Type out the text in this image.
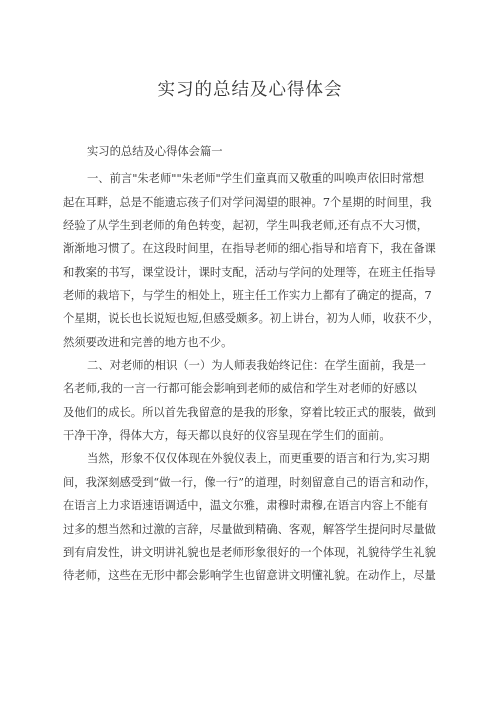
实习的总结及心得体会
实习的总结及心得体会篇一
一、前言"朱老师""朱老师"学生们童真而又敬重的叫唤声依旧时常想
起在耳畔，总是不能遗忘孩子们对学问渴望的眼神。7个星期的时间里，我
经验了从学生到老师的角色转变，起初，学生叫我老师,还有点不大习惯，
渐渐地习惯了。在这段时间里，在指导老师的细心指导和培育下，我在备课
和教案的书写，课堂设计，课时支配，活动与学问的处理等，在班主任指导
老师的栽培下，与学生的相处上，班主任工作实力上都有了确定的提高，7
个星期，说长也长说短也短,但感受颇多。初上讲台，初为人师，收获不少，
然须要改进和完善的地方也不少。
二、对老师的相识（一）为人师表我始终记住：在学生面前，我是一
名老师,我的一言一行都可能会影响到老师的威信和学生对老师的好感以
及他们的成长。所以首先我留意的是我的形象，穿着比较正式的服装，做到
干净干净，得体大方，每天都以良好的仪容呈现在学生们的面前。
当然，形象不仅仅体现在外貌仪表上，而更重要的语言和行为,实习期
间，我深刻感受到“做一行，像一行”的道理，时刻留意自己的语言和动作，
在语言上力求语速语调适中，温文尔雅，肃穆时肃穆,在语言内容上不能有
过多的想当然和过激的言辞，尽量做到精确、客观，解答学生提问时尽量做
到有肩发性，讲文明讲礼貌也是老师形象很好的一个体现，礼貌待学生礼貌
待老师，这些在无形中都会影响学生也留意讲文明懂礼貌。在动作上，尽量
